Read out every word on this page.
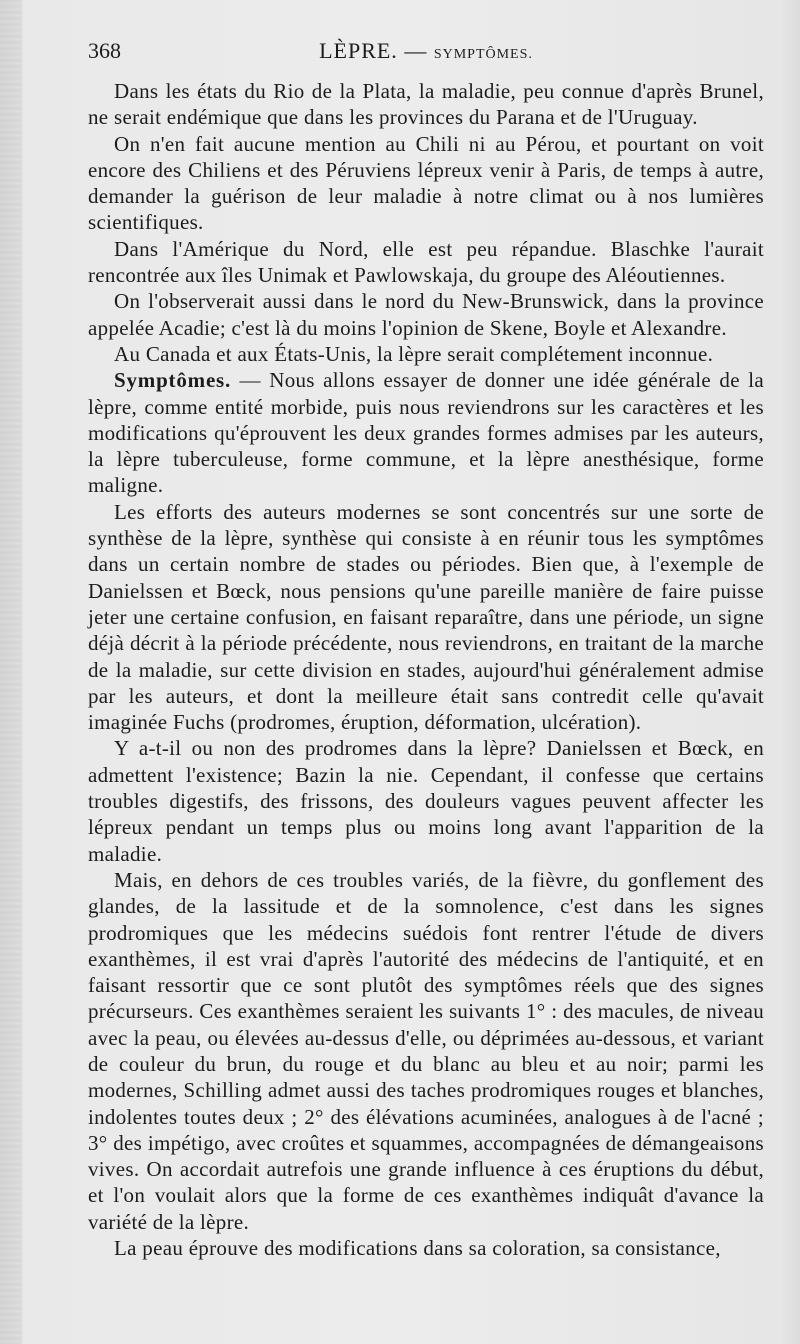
368	LÈPRE. — SYMPTÔMES.

Dans les états du Rio de la Plata, la maladie, peu connue d'après Brunel, ne serait endémique que dans les provinces du Parana et de l'Uruguay.

On n'en fait aucune mention au Chili ni au Pérou, et pourtant on voit encore des Chiliens et des Péruviens lépreux venir à Paris, de temps à autre, demander la guérison de leur maladie à notre climat ou à nos lumières scientifiques.

Dans l'Amérique du Nord, elle est peu répandue. Blaschke l'aurait rencontrée aux îles Unimak et Pawlowskaja, du groupe des Aléoutiennes.

On l'observerait aussi dans le nord du New-Brunswick, dans la province appelée Acadie; c'est là du moins l'opinion de Skene, Boyle et Alexandre.

Au Canada et aux États-Unis, la lèpre serait complétement inconnue.

Symptômes. — Nous allons essayer de donner une idée générale de la lèpre, comme entité morbide, puis nous reviendrons sur les caractères et les modifications qu'éprouvent les deux grandes formes admises par les auteurs, la lèpre tuberculeuse, forme commune, et la lèpre anesthésique, forme maligne.

Les efforts des auteurs modernes se sont concentrés sur une sorte de synthèse de la lèpre, synthèse qui consiste à en réunir tous les symptômes dans un certain nombre de stades ou périodes. Bien que, à l'exemple de Danielssen et Bœck, nous pensions qu'une pareille manière de faire puisse jeter une certaine confusion, en faisant reparaître, dans une période, un signe déjà décrit à la période précédente, nous reviendrons, en traitant de la marche de la maladie, sur cette division en stades, aujourd'hui généralement admise par les auteurs, et dont la meilleure était sans contredit celle qu'avait imaginée Fuchs (prodromes, éruption, déformation, ulcération).

Y a-t-il ou non des prodromes dans la lèpre? Danielssen et Bœck, en admettent l'existence; Bazin la nie. Cependant, il confesse que certains troubles digestifs, des frissons, des douleurs vagues peuvent affecter les lépreux pendant un temps plus ou moins long avant l'apparition de la maladie.

Mais, en dehors de ces troubles variés, de la fièvre, du gonflement des glandes, de la lassitude et de la somnolence, c'est dans les signes prodromiques que les médecins suédois font rentrer l'étude de divers exanthèmes, il est vrai d'après l'autorité des médecins de l'antiquité, et en faisant ressortir que ce sont plutôt des symptômes réels que des signes précurseurs. Ces exanthèmes seraient les suivants 1° : des macules, de niveau avec la peau, ou élevées au-dessus d'elle, ou déprimées au-dessous, et variant de couleur du brun, du rouge et du blanc au bleu et au noir; parmi les modernes, Schilling admet aussi des taches prodromiques rouges et blanches, indolentes toutes deux ; 2° des élévations acuminées, analogues à de l'acné ; 3° des impétigo, avec croûtes et squammes, accompagnées de démangeaisons vives. On accordait autrefois une grande influence à ces éruptions du début, et l'on voulait alors que la forme de ces exanthèmes indiquât d'avance la variété de la lèpre.

La peau éprouve des modifications dans sa coloration, sa consistance,
